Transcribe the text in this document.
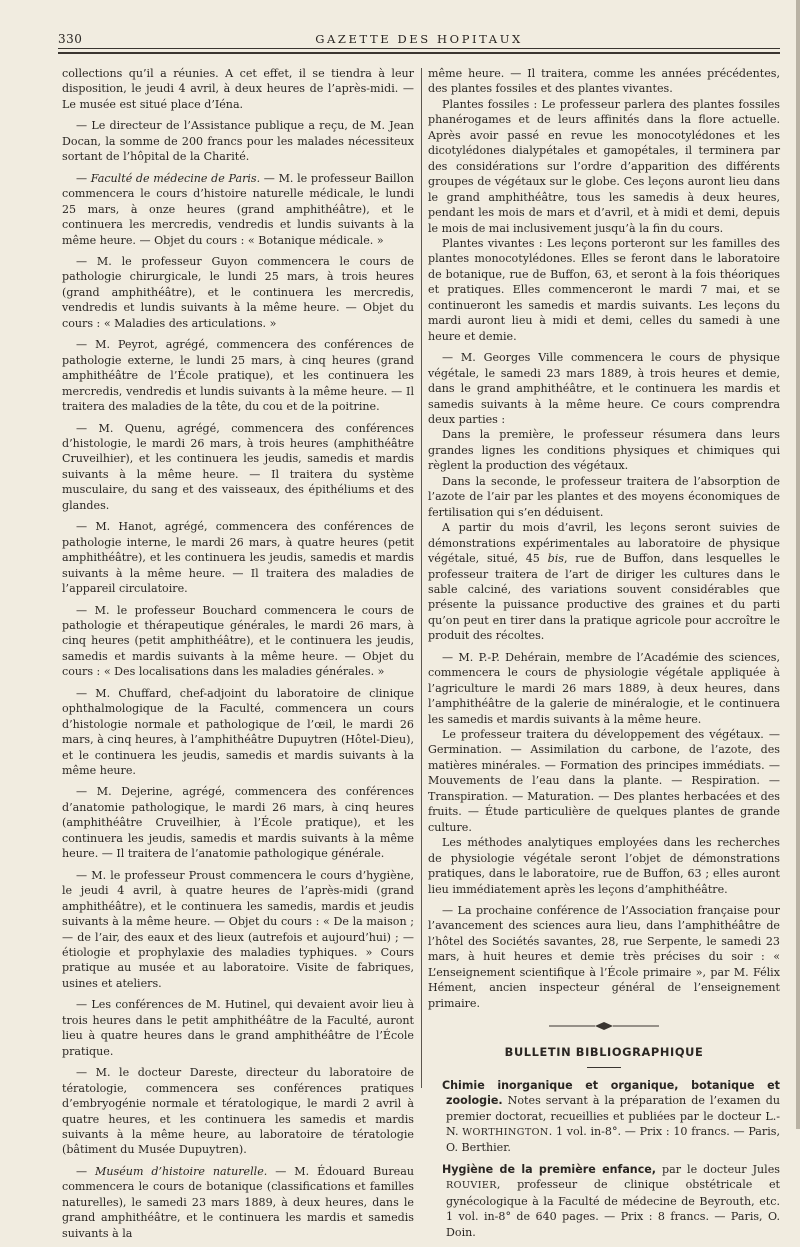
330	GAZETTE DES HOPITAUX

collections qu’il a réunies. A cet effet, il se tiendra à leur disposition, le jeudi 4 avril, à deux heures de l’après-midi. — Le musée est situé place d’Iéna.

— Le directeur de l’Assistance publique a reçu, de M. Jean Docan, la somme de 200 francs pour les malades nécessiteux sortant de l’hôpital de la Charité.

— Faculté de médecine de Paris. — M. le professeur Baillon commencera le cours d’histoire naturelle médicale, le lundi 25 mars, à onze heures (grand amphithéâtre), et le continuera les mercredis, vendredis et lundis suivants à la même heure. — Objet du cours : « Botanique médicale. »

— M. le professeur Guyon commencera le cours de pathologie chirurgicale, le lundi 25 mars, à trois heures (grand amphithéâtre), et le continuera les mercredis, vendredis et lundis suivants à la même heure. — Objet du cours : « Maladies des articulations. »

— M. Peyrot, agrégé, commencera des conférences de pathologie externe, le lundi 25 mars, à cinq heures (grand amphithéâtre de l’École pratique), et les continuera les mercredis, vendredis et lundis suivants à la même heure. — Il traitera des maladies de la tête, du cou et de la poitrine.

— M. Quenu, agrégé, commencera des conférences d’histologie, le mardi 26 mars, à trois heures (amphithéâtre Cruveilhier), et les continuera les jeudis, samedis et mardis suivants à la même heure. — Il traitera du système musculaire, du sang et des vaisseaux, des épithéliums et des glandes.

— M. Hanot, agrégé, commencera des conférences de pathologie interne, le mardi 26 mars, à quatre heures (petit amphithéâtre), et les continuera les jeudis, samedis et mardis suivants à la même heure. — Il traitera des maladies de l’appareil circulatoire.

— M. le professeur Bouchard commencera le cours de pathologie et thérapeutique générales, le mardi 26 mars, à cinq heures (petit amphithéâtre), et le continuera les jeudis, samedis et mardis suivants à la même heure. — Objet du cours : « Des localisations dans les maladies générales. »

— M. Chuffard, chef-adjoint du laboratoire de clinique ophthalmologique de la Faculté, commencera un cours d’histologie normale et pathologique de l’œil, le mardi 26 mars, à cinq heures, à l’amphithéâtre Dupuytren (Hôtel-Dieu), et le continuera les jeudis, samedis et mardis suivants à la même heure.

— M. Dejerine, agrégé, commencera des conférences d’anatomie pathologique, le mardi 26 mars, à cinq heures (amphithéâtre Cruveilhier, à l’École pratique), et les continuera les jeudis, samedis et mardis suivants à la même heure. — Il traitera de l’anatomie pathologique générale.

— M. le professeur Proust commencera le cours d’hygiène, le jeudi 4 avril, à quatre heures de l’après-midi (grand amphithéâtre), et le continuera les samedis, mardis et jeudis suivants à la même heure. — Objet du cours : « De la maison ; — de l’air, des eaux et des lieux (autrefois et aujourd’hui) ; — étiologie et prophylaxie des maladies typhiques. » Cours pratique au musée et au laboratoire. Visite de fabriques, usines et ateliers.

— Les conférences de M. Hutinel, qui devaient avoir lieu à trois heures dans le petit amphithéâtre de la Faculté, auront lieu à quatre heures dans le grand amphithéâtre de l’École pratique.

— M. le docteur Dareste, directeur du laboratoire de tératologie, commencera ses conférences pratiques d’embryogénie normale et tératologique, le mardi 2 avril à quatre heures, et les continuera les samedis et mardis suivants à la même heure, au laboratoire de tératologie (bâtiment du Musée Dupuytren).

— Muséum d’histoire naturelle. — M. Édouard Bureau commencera le cours de botanique (classifications et familles naturelles), le samedi 23 mars 1889, à deux heures, dans le grand amphithéâtre, et le continuera les mardis et samedis suivants à la

même heure. — Il traitera, comme les années précédentes, des plantes fossiles et des plantes vivantes.

Plantes fossiles : Le professeur parlera des plantes fossiles phanérogames et de leurs affinités dans la flore actuelle. Après avoir passé en revue les monocotylédones et les dicotylédones dialypétales et gamopétales, il terminera par des considérations sur l’ordre d’apparition des différents groupes de végétaux sur le globe. Ces leçons auront lieu dans le grand amphithéâtre, tous les samedis à deux heures, pendant les mois de mars et d’avril, et à midi et demi, depuis le mois de mai inclusivement jusqu’à la fin du cours.

Plantes vivantes : Les leçons porteront sur les familles des plantes monocotylédones. Elles se feront dans le laboratoire de botanique, rue de Buffon, 63, et seront à la fois théoriques et pratiques. Elles commenceront le mardi 7 mai, et se continueront les samedis et mardis suivants. Les leçons du mardi auront lieu à midi et demi, celles du samedi à une heure et demie.

— M. Georges Ville commencera le cours de physique végétale, le samedi 23 mars 1889, à trois heures et demie, dans le grand amphithéâtre, et le continuera les mardis et samedis suivants à la même heure. Ce cours comprendra deux parties :

Dans la première, le professeur résumera dans leurs grandes lignes les conditions physiques et chimiques qui règlent la production des végétaux.

Dans la seconde, le professeur traitera de l’absorption de l’azote de l’air par les plantes et des moyens économiques de fertilisation qui s’en déduisent.

A partir du mois d’avril, les leçons seront suivies de démonstrations expérimentales au laboratoire de physique végétale, situé, 45 bis, rue de Buffon, dans lesquelles le professeur traitera de l’art de diriger les cultures dans le sable calciné, des variations souvent considérables que présente la puissance productive des graines et du parti qu’on peut en tirer dans la pratique agricole pour accroître le produit des récoltes.

— M. P.-P. Dehérain, membre de l’Académie des sciences, commencera le cours de physiologie végétale appliquée à l’agriculture le mardi 26 mars 1889, à deux heures, dans l’amphithéâtre de la galerie de minéralogie, et le continuera les samedis et mardis suivants à la même heure.

Le professeur traitera du développement des végétaux. — Germination. — Assimilation du carbone, de l’azote, des matières minérales. — Formation des principes immédiats. — Mouvements de l’eau dans la plante. — Respiration. — Transpiration. — Maturation. — Des plantes herbacées et des fruits. — Étude particulière de quelques plantes de grande culture.

Les méthodes analytiques employées dans les recherches de physiologie végétale seront l’objet de démonstrations pratiques, dans le laboratoire, rue de Buffon, 63 ; elles auront lieu immédiatement après les leçons d’amphithéâtre.

— La prochaine conférence de l’Association française pour l’avancement des sciences aura lieu, dans l’amphithéâtre de l’hôtel des Sociétés savantes, 28, rue Serpente, le samedi 23 mars, à huit heures et demie très précises du soir : « L’enseignement scientifique à l’École primaire », par M. Félix Hément, ancien inspecteur général de l’enseignement primaire.

BULLETIN BIBLIOGRAPHIQUE

Chimie inorganique et organique, botanique et zoologie. Notes servant à la préparation de l’examen du premier doctorat, recueillies et publiées par le docteur L.-N. WORTHINGTON. 1 vol. in-8°. — Prix : 10 francs. — Paris, O. Berthier.

Hygiène de la première enfance, par le docteur Jules ROUVIER, professeur de clinique obstétricale et gynécologique à la Faculté de médecine de Beyrouth, etc. 1 vol. in-8° de 640 pages. — Prix : 8 francs. — Paris, O. Doin.
